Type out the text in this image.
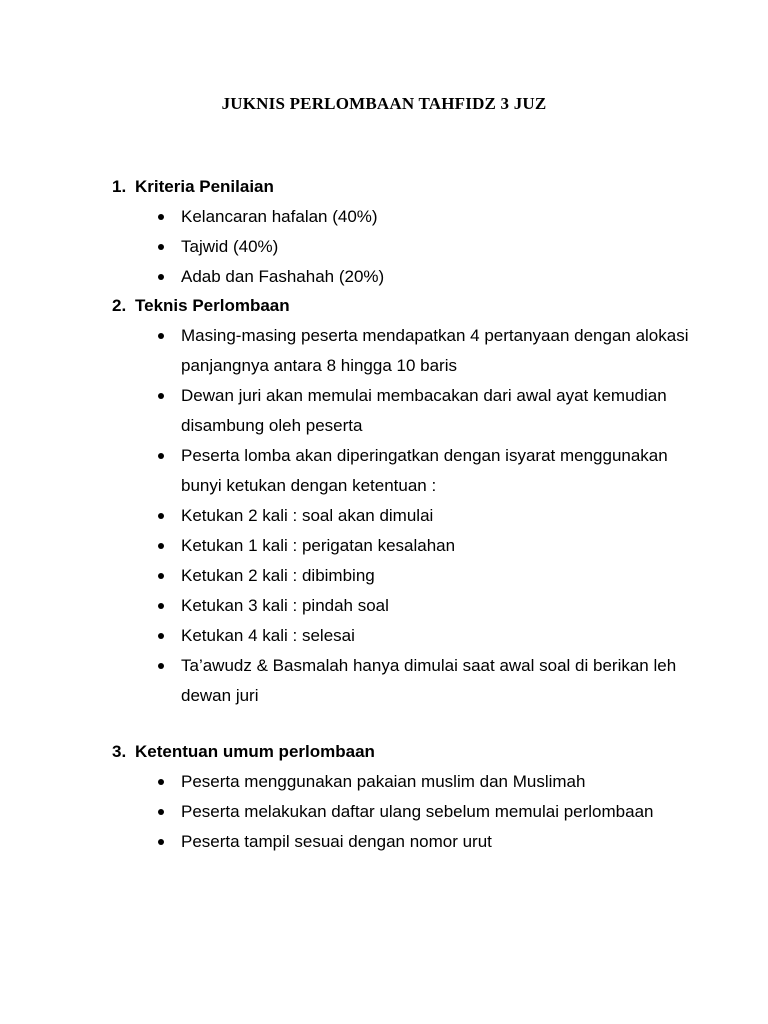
JUKNIS PERLOMBAAN TAHFIDZ 3 JUZ
1. Kriteria Penilaian
Kelancaran hafalan (40%)
Tajwid (40%)
Adab dan Fashahah (20%)
2. Teknis Perlombaan
Masing-masing peserta mendapatkan 4 pertanyaan dengan alokasi panjangnya antara 8 hingga 10 baris
Dewan juri akan memulai membacakan dari awal ayat kemudian disambung oleh peserta
Peserta lomba akan diperingatkan dengan isyarat menggunakan bunyi ketukan dengan ketentuan :
Ketukan 2 kali : soal akan dimulai
Ketukan 1 kali : perigatan kesalahan
Ketukan 2 kali : dibimbing
Ketukan 3 kali : pindah soal
Ketukan 4 kali : selesai
Ta’awudz & Basmalah hanya dimulai saat awal soal di berikan leh dewan juri
3. Ketentuan umum perlombaan
Peserta menggunakan pakaian muslim dan Muslimah
Peserta melakukan daftar ulang sebelum memulai perlombaan
Peserta tampil sesuai dengan nomor urut
